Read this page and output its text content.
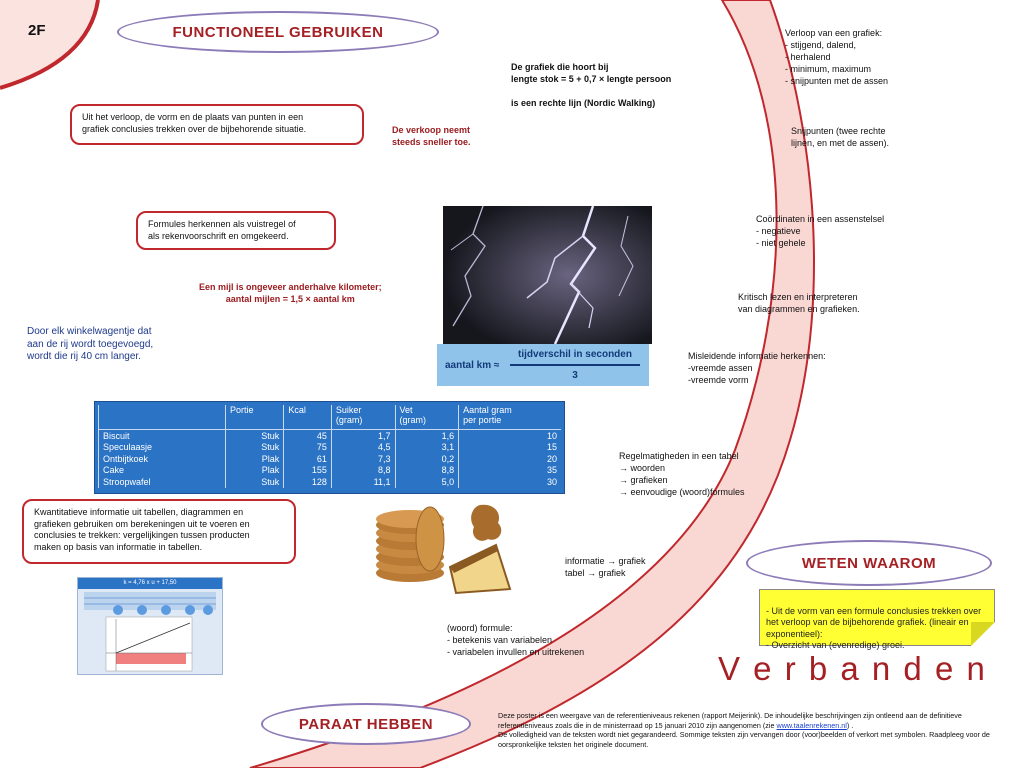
2F	FUNCTIONEEL GEBRUIKEN
WETEN WAAROM
PARAAT HEBBEN
Uit het verloop, de vorm en de plaats van punten in een
grafiek conclusies trekken over de bijbehorende situatie.
Formules herkennen als vuistregel of
als rekenvoorschrift en omgekeerd.
Kwantitatieve informatie uit tabellen, diagrammen en
grafieken gebruiken om berekeningen uit te voeren en
conclusies te trekken: vergelijkingen tussen producten
maken op basis van informatie in tabellen.
De grafiek die hoort bij
lengte stok = 5 + 0,7 × lengte persoon

is een rechte lijn (Nordic Walking)
De verkoop neemt
steeds sneller toe.
Een mijl is ongeveer anderhalve kilometer;
aantal mijlen = 1,5 × aantal km
Door elk winkelwagentje dat
aan de rij wordt toegevoegd,
wordt die rij 40 cm langer.
aantal km ≈
tijdverschil in seconden
3
	Portie	Kcal	Suiker
(gram)	Vet
(gram)	Aantal gram
per portie
Biscuit	Stuk	45	1,7	1,6	10
Speculaasje	Stuk	75	4,5	3,1	15
Ontbijtkoek	Plak	61	7,3	0,2	20
Cake	Plak	155	8,8	8,8	35
Stroopwafel	Stuk	128	11,1	5,0	30
k = 4,76 x u + 17,50
Verloop van een grafiek:
- stijgend, dalend,
- herhalend
- minimum, maximum
- snijpunten met de assen
Snijpunten (twee rechte
lijnen, en met de assen).
Coördinaten in een assenstelsel
- negatieve
- niet gehele
Kritisch lezen en interpreteren
van diagrammen en grafieken.
Misleidende informatie herkennen:
-vreemde assen
-vreemde vorm
Regelmatigheden in een tabel
→ woorden
→ grafieken
→ eenvoudige (woord)formules
informatie → grafiek
tabel → grafiek
(woord) formule:
- betekenis van variabelen
- variabelen invullen en uitrekenen

- Uit de vorm van een formule conclusies trekken over het verloop van de bijbehorende grafiek. (lineair en exponentieel):
- Overzicht van (evenredige) groei.

V e r b a n d e n
Deze poster is een weergave van de referentieniveaus rekenen (rapport Meijerink). De inhoudelijke beschrijvingen zijn ontleend aan de definitieve referentieniveaus zoals die in de ministerraad op 15 januari 2010 zijn aangenomen (zie www.taalenrekenen.nl) .
De volledigheid van de teksten wordt niet gegarandeerd. Sommige teksten zijn vervangen door (voor)beelden of verkort met symbolen. Raadpleeg voor de oorspronkelijke teksten het originele document.
